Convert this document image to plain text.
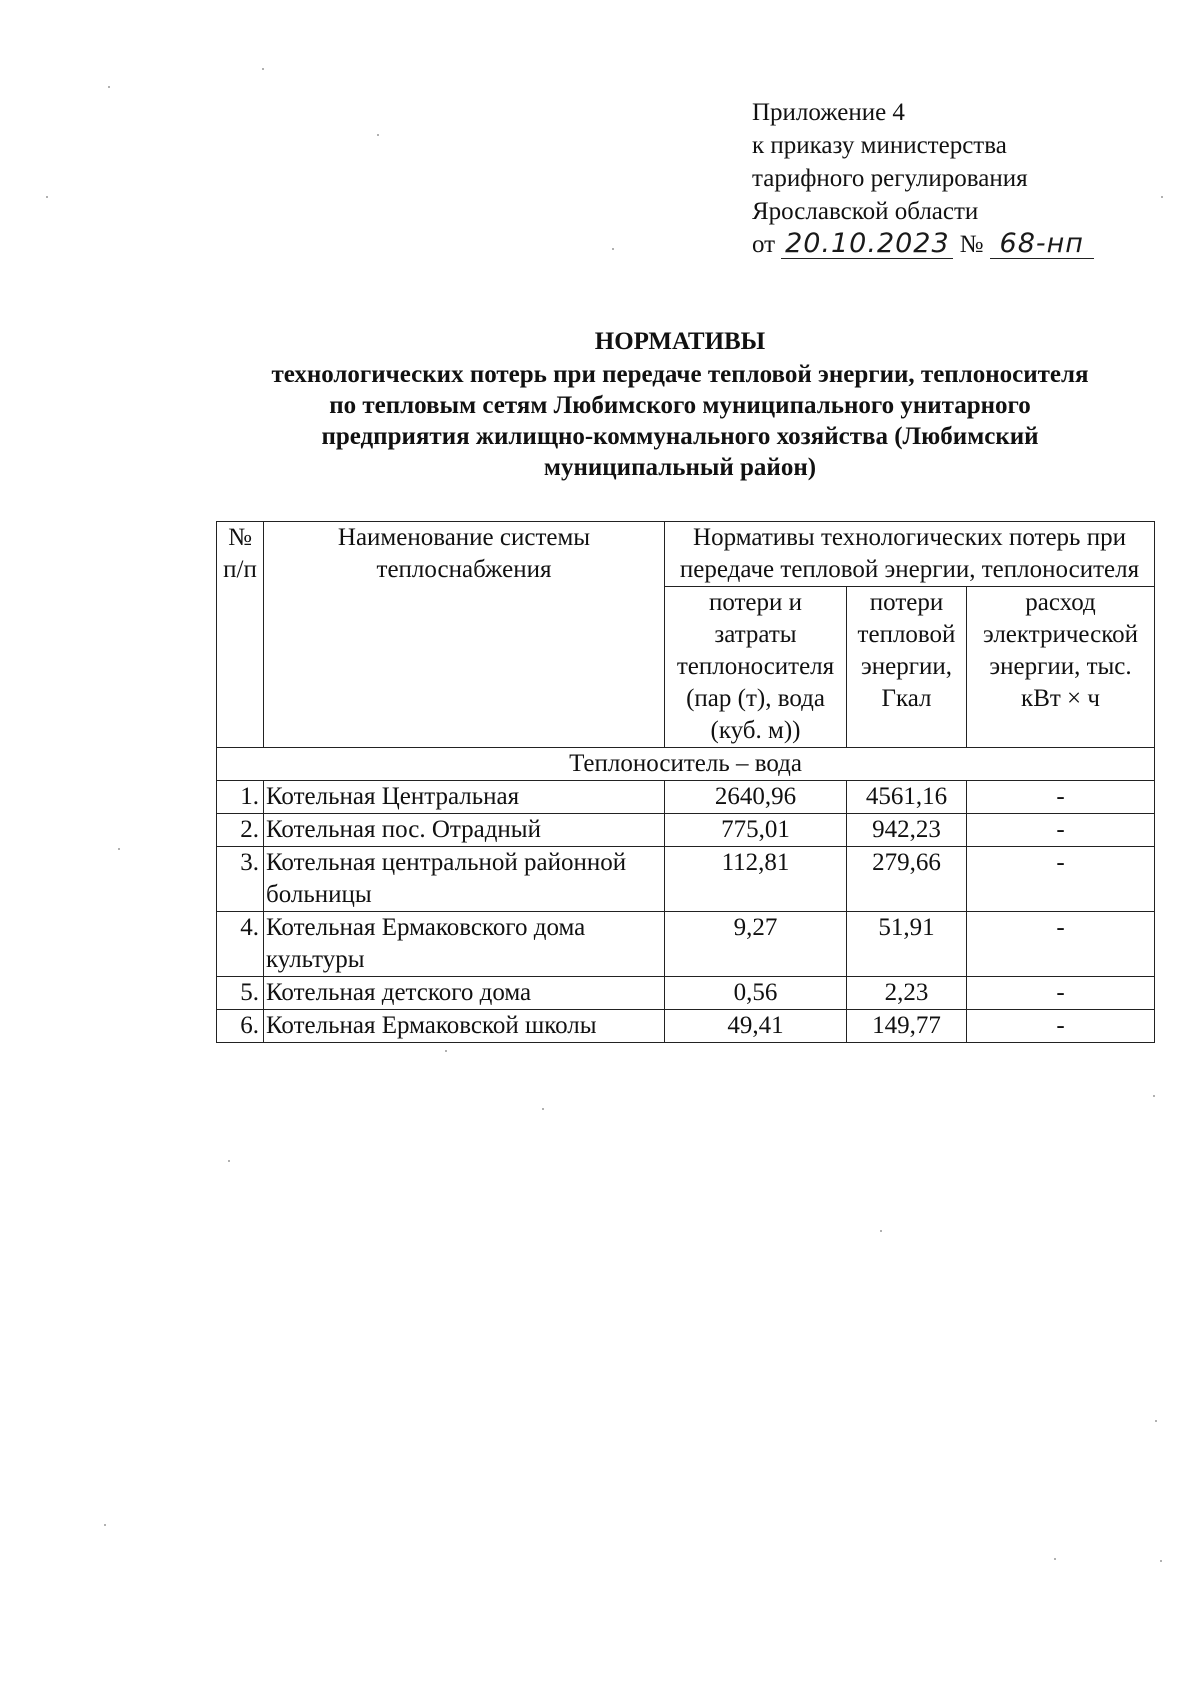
Приложение 4
к приказу министерства
тарифного регулирования
Ярославской области
от 20.10.2023 № 68-нп
НОРМАТИВЫ
технологических потерь при передаче тепловой энергии, теплоносителя
по тепловым сетям Любимского муниципального унитарного
предприятия жилищно-коммунального хозяйства (Любимский
муниципальный район)
№ п/п	Наименование системы теплоснабжения	Нормативы технологических потерь при передаче тепловой энергии, теплоносителя		
		потери и затраты теплоносителя (пар (т), вода (куб. м))	потери тепловой энергии, Гкал	расход электрической энергии, тыс. кВт × ч
Теплоноситель – вода				
1.	Котельная Центральная	2640,96	4561,16	-
2.	Котельная пос. Отрадный	775,01	942,23	-
3.	Котельная центральной районной больницы	112,81	279,66	-
4.	Котельная Ермаковского дома культуры	9,27	51,91	-
5.	Котельная детского дома	0,56	2,23	-
6.	Котельная Ермаковской школы	49,41	149,77	-
